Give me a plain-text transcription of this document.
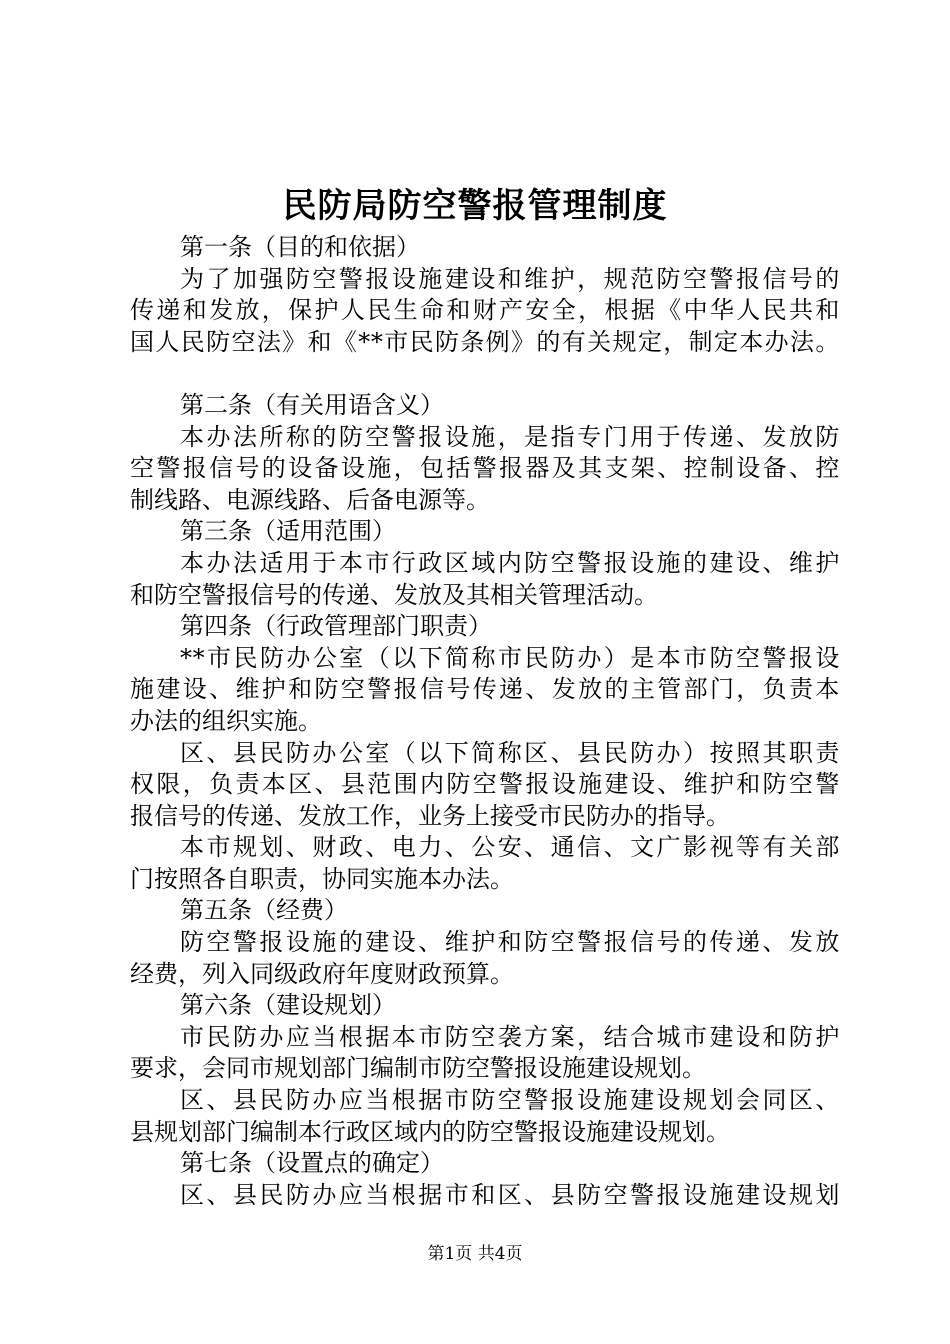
民防局防空警报管理制度
第一条（目的和依据）
为了加强防空警报设施建设和维护，规范防空警报信号的
传递和发放，保护人民生命和财产安全，根据《中华人民共和
国人民防空法》和《**市民防条例》的有关规定，制定本办法。
第二条（有关用语含义）
本办法所称的防空警报设施，是指专门用于传递、发放防
空警报信号的设备设施，包括警报器及其支架、控制设备、控
制线路、电源线路、后备电源等。
第三条（适用范围）
本办法适用于本市行政区域内防空警报设施的建设、维护
和防空警报信号的传递、发放及其相关管理活动。
第四条（行政管理部门职责）
**市民防办公室（以下简称市民防办）是本市防空警报设
施建设、维护和防空警报信号传递、发放的主管部门，负责本
办法的组织实施。
区、县民防办公室（以下简称区、县民防办）按照其职责
权限，负责本区、县范围内防空警报设施建设、维护和防空警
报信号的传递、发放工作，业务上接受市民防办的指导。
本市规划、财政、电力、公安、通信、文广影视等有关部
门按照各自职责，协同实施本办法。
第五条（经费）
防空警报设施的建设、维护和防空警报信号的传递、发放
经费，列入同级政府年度财政预算。
第六条（建设规划）
市民防办应当根据本市防空袭方案，结合城市建设和防护
要求，会同市规划部门编制市防空警报设施建设规划。
区、县民防办应当根据市防空警报设施建设规划会同区、
县规划部门编制本行政区域内的防空警报设施建设规划。
第七条（设置点的确定）
区、县民防办应当根据市和区、县防空警报设施建设规划
第1页 共4页
